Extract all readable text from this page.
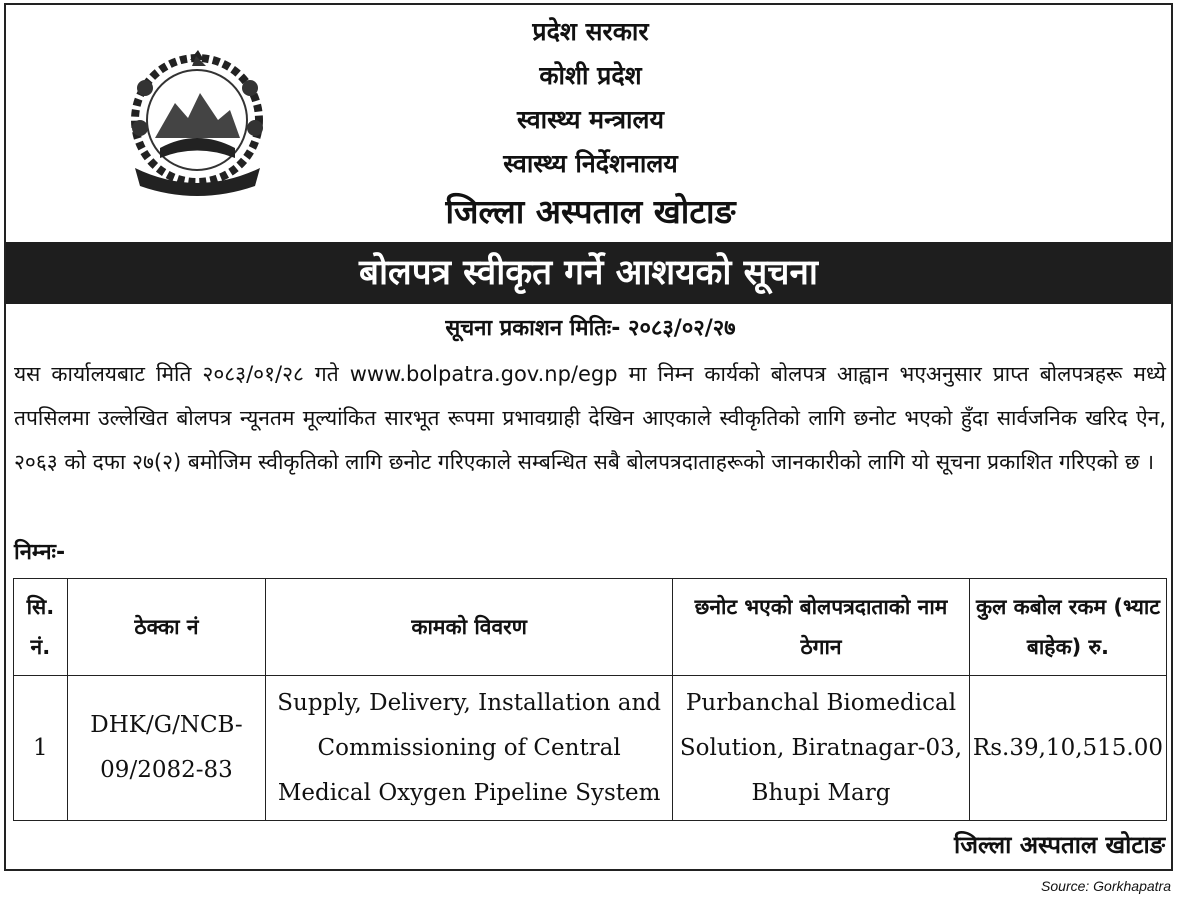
प्रदेश सरकार
कोशी प्रदेश
स्वास्थ्य मन्त्रालय
स्वास्थ्य निर्देशनालय
जिल्ला अस्पताल खोटाङ
बोलपत्र स्वीकृत गर्ने आशयको सूचना
सूचना प्रकाशन मितिः- २०८३/०२/२७
यस कार्यालयबाट मिति २०८३/०१/२८ गते www.bolpatra.gov.np/egp मा निम्न कार्यको बोलपत्र आह्वान भएअनुसार प्राप्त बोलपत्रहरू मध्ये तपसिलमा उल्लेखित बोलपत्र न्यूनतम मूल्यांकित सारभूत रूपमा प्रभावग्राही देखिन आएकाले स्वीकृतिको लागि छनोट भएको हुँदा सार्वजनिक खरिद ऐन, २०६३ को दफा २७(२) बमोजिम स्वीकृतिको लागि छनोट गरिएकाले सम्बन्धित सबै बोलपत्रदाताहरूको जानकारीको लागि यो सूचना प्रकाशित गरिएको छ ।
निम्नः-
सि. नं.	ठेक्का नं	कामको विवरण	छनोट भएको बोलपत्रदाताको नाम ठेगान	कुल कबोल रकम (भ्याट बाहेक) रु.
1	DHK/G/NCB-09/2082-83	Supply, Delivery, Installation and Commissioning of Central Medical Oxygen Pipeline System	Purbanchal Biomedical Solution, Biratnagar-03, Bhupi Marg	Rs.39,10,515.00
जिल्ला अस्पताल खोटाङ
Source: Gorkhapatra
